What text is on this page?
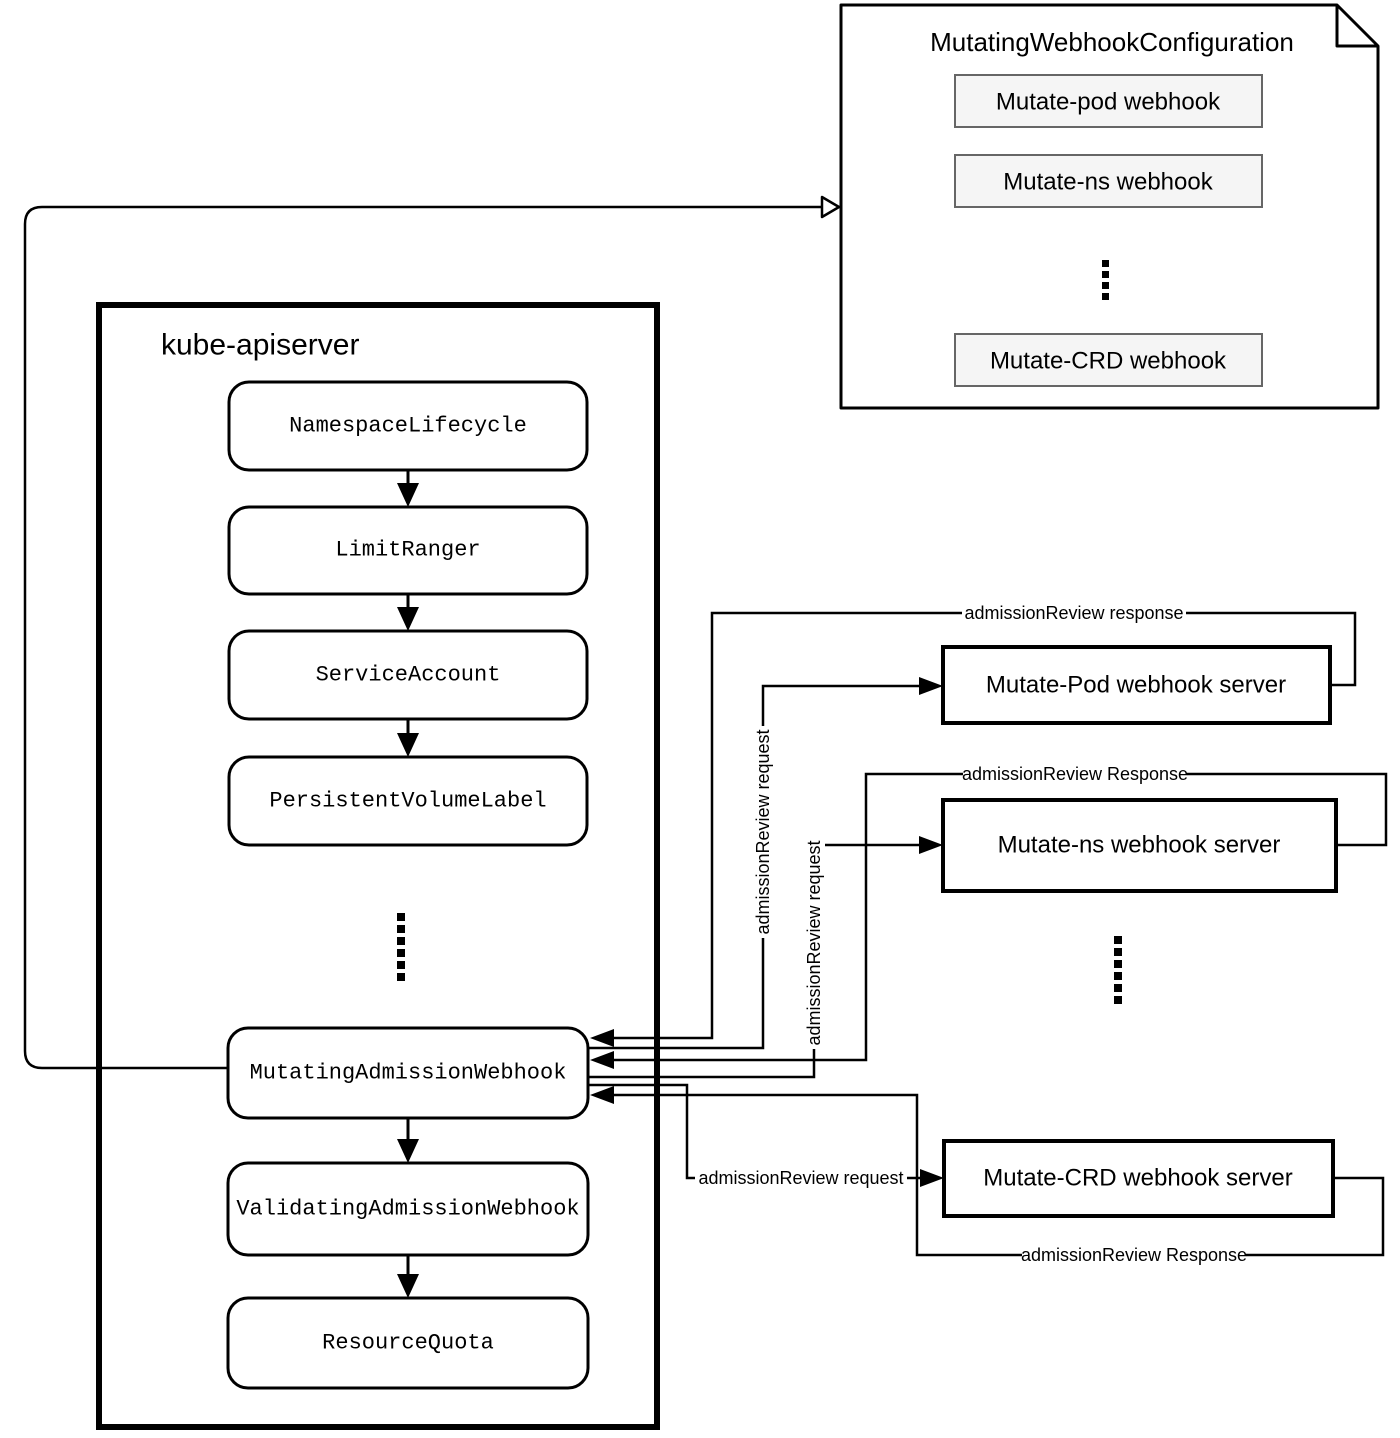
kube-apiserver
MutatingWebhookConfiguration
Mutate-pod webhook
Mutate-ns webhook
Mutate-CRD webhook
NamespaceLifecycle
LimitRanger
ServiceAccount
PersistentVolumeLabel
MutatingAdmissionWebhook
ValidatingAdmissionWebhook
ResourceQuota
Mutate-Pod webhook server
Mutate-ns webhook server
Mutate-CRD webhook server
admissionReview response
admissionReview Response
admissionReview Response
admissionReview request
admissionReview request
admissionReview request
